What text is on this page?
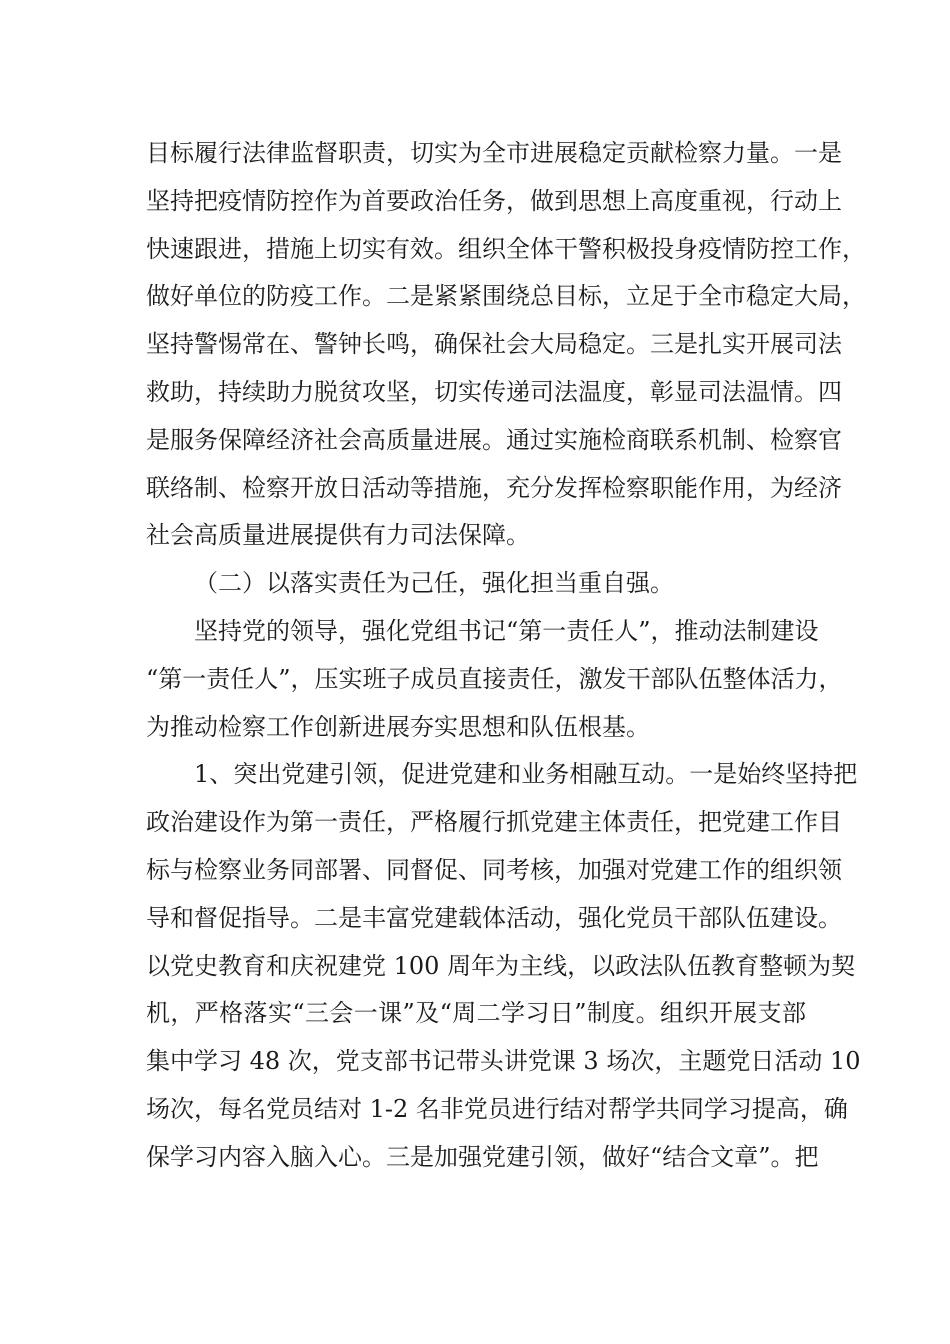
目标履行法律监督职责，切实为全市进展稳定贡献检察力量。一是
坚持把疫情防控作为首要政治任务，做到思想上高度重视，行动上
快速跟进，措施上切实有效。组织全体干警积极投身疫情防控工作，
做好单位的防疫工作。二是紧紧围绕总目标，立足于全市稳定大局，
坚持警惕常在、警钟长鸣，确保社会大局稳定。三是扎实开展司法
救助，持续助力脱贫攻坚，切实传递司法温度，彰显司法温情。四
是服务保障经济社会高质量进展。通过实施检商联系机制、检察官
联络制、检察开放日活动等措施，充分发挥检察职能作用，为经济
社会高质量进展提供有力司法保障。
（二）以落实责任为己任，强化担当重自强。
坚持党的领导，强化党组书记“第一责任人”，推动法制建设
“第一责任人”，压实班子成员直接责任，激发干部队伍整体活力，
为推动检察工作创新进展夯实思想和队伍根基。
1、突出党建引领，促进党建和业务相融互动。一是始终坚持把
政治建设作为第一责任，严格履行抓党建主体责任，把党建工作目
标与检察业务同部署、同督促、同考核，加强对党建工作的组织领
导和督促指导。二是丰富党建载体活动，强化党员干部队伍建设。
以党史教育和庆祝建党 100 周年为主线，以政法队伍教育整顿为契
机，严格落实“三会一课”及“周二学习日”制度。组织开展支部
集中学习 48 次，党支部书记带头讲党课 3 场次，主题党日活动 10
场次，每名党员结对 1-2 名非党员进行结对帮学共同学习提高，确
保学习内容入脑入心。三是加强党建引领，做好“结合文章”。把
